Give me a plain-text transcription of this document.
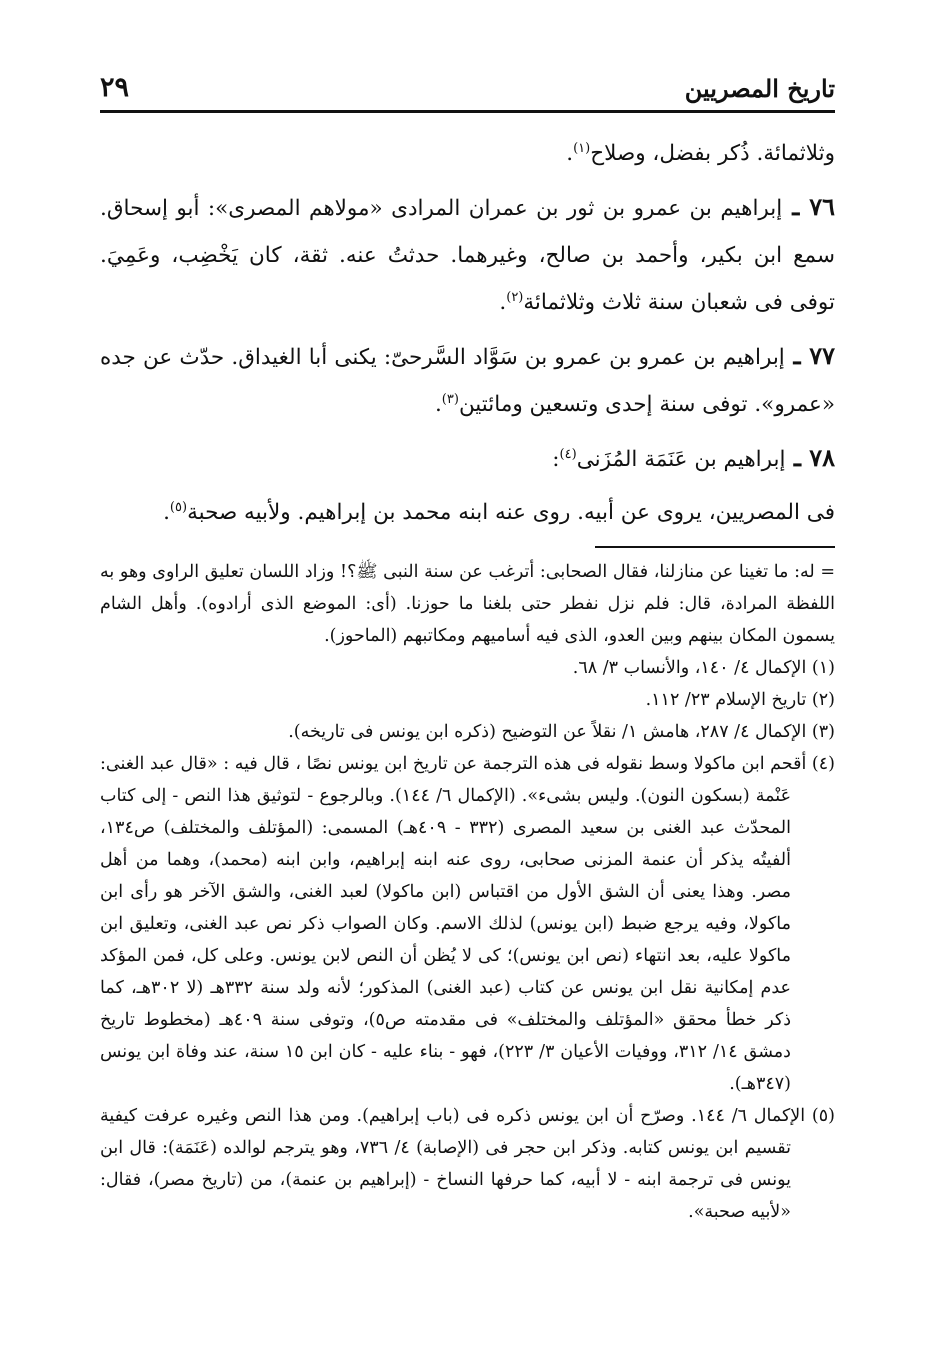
٢٩	تاريخ المصريين

وثلاثمائة. ذُكر بفضل، وصلاح$^{(١)}$.

٧٦ ـ إبراهيم بن عمرو بن ثور بن عمران المرادى «مولاهم المصرى»: أبو إسحاق. سمع ابن بكير، وأحمد بن صالح، وغيرهما. حدثتُ عنه. ثقة، كان يَخْضِب، وعَمِيَ. توفى فى شعبان سنة ثلاث وثلاثمائة$^{(٢)}$.

٧٧ ـ إبراهيم بن عمرو بن عمرو بن سَوَّاد السَّرحىّ: يكنى أبا الغيداق. حدّث عن جده «عمرو». توفى سنة إحدى وتسعين ومائتين$^{(٣)}$.

٧٨ ـ إبراهيم بن عَنَمَة المُزَنى$^{(٤)}$:

فى المصريين، يروى عن أبيه. روى عنه ابنه محمد بن إبراهيم. ولأبيه صحبة$^{(٥)}$.

= له: ما تغينا عن منازلنا، فقال الصحابى: أترغب عن سنة النبى ﷺ؟! وزاد اللسان تعليق الراوى وهو به اللفظة المرادة، قال: فلم نزل نفطر حتى بلغنا ما حوزنا. (أى: الموضع الذى أرادوه). وأهل الشام يسمون المكان بينهم وبين العدو، الذى فيه أساميهم ومكاتبهم (الماحوز).

(١) الإكمال ٤/ ١٤٠، والأنساب ٣/ ٦٨.

(٢) تاريخ الإسلام ٢٣/ ١١٢.

(٣) الإكمال ٤/ ٢٨٧، هامش ١/ نقلاً عن التوضيح (ذكره ابن يونس فى تاريخه).

(٤) أقحم ابن ماكولا وسط نقوله فى هذه الترجمة عن تاريخ ابن يونس نصًا ، قال فيه : «قال عبد الغنى: عَنْمة (بسكون النون). وليس بشىء». (الإكمال ٦/ ١٤٤). وبالرجوع - لتوثيق هذا النص - إلى كتاب المحدّث عبد الغنى بن سعيد المصرى (٣٣٢ - ٤٠٩هـ) المسمى: (المؤتلف والمختلف) ص١٣٤، ألفيتُه يذكر أن عنمة المزنى صحابى، روى عنه ابنه إبراهيم، وابن ابنه (محمد)، وهما من أهل مصر. وهذا يعنى أن الشق الأول من اقتباس (ابن ماكولا) لعبد الغنى، والشق الآخر هو رأى ابن ماكولا، وفيه يرجع ضبط (ابن يونس) لذلك الاسم. وكان الصواب ذكر نص عبد الغنى، وتعليق ابن ماكولا عليه، بعد انتهاء (نص ابن يونس)؛ كى لا يُظن أن النص لابن يونس. وعلى كل، فمن المؤكد عدم إمكانية نقل ابن يونس عن كتاب (عبد الغنى) المذكور؛ لأنه ولد سنة ٣٣٢هـ (لا ٣٠٢هـ، كما ذكر خطأ محقق «المؤتلف والمختلف» فى مقدمته ص٥)، وتوفى سنة ٤٠٩هـ (مخطوط تاريخ دمشق ١٤/ ٣١٢، ووفيات الأعيان ٣/ ٢٢٣)، فهو - بناء عليه - كان ابن ١٥ سنة، عند وفاة ابن يونس (٣٤٧هـ).

(٥) الإكمال ٦/ ١٤٤. وصرّح أن ابن يونس ذكره فى (باب إبراهيم). ومن هذا النص وغيره عرفت كيفية تقسيم ابن يونس كتابه. وذكر ابن حجر فى (الإصابة) ٤/ ٧٣٦، وهو يترجم لوالده (عَنَمَة): قال ابن يونس فى ترجمة ابنه - لا أبيه، كما حرفها النساخ - (إبراهيم بن عنمة)، من (تاريخ مصر)، فقال: «لأبيه صحبة».
